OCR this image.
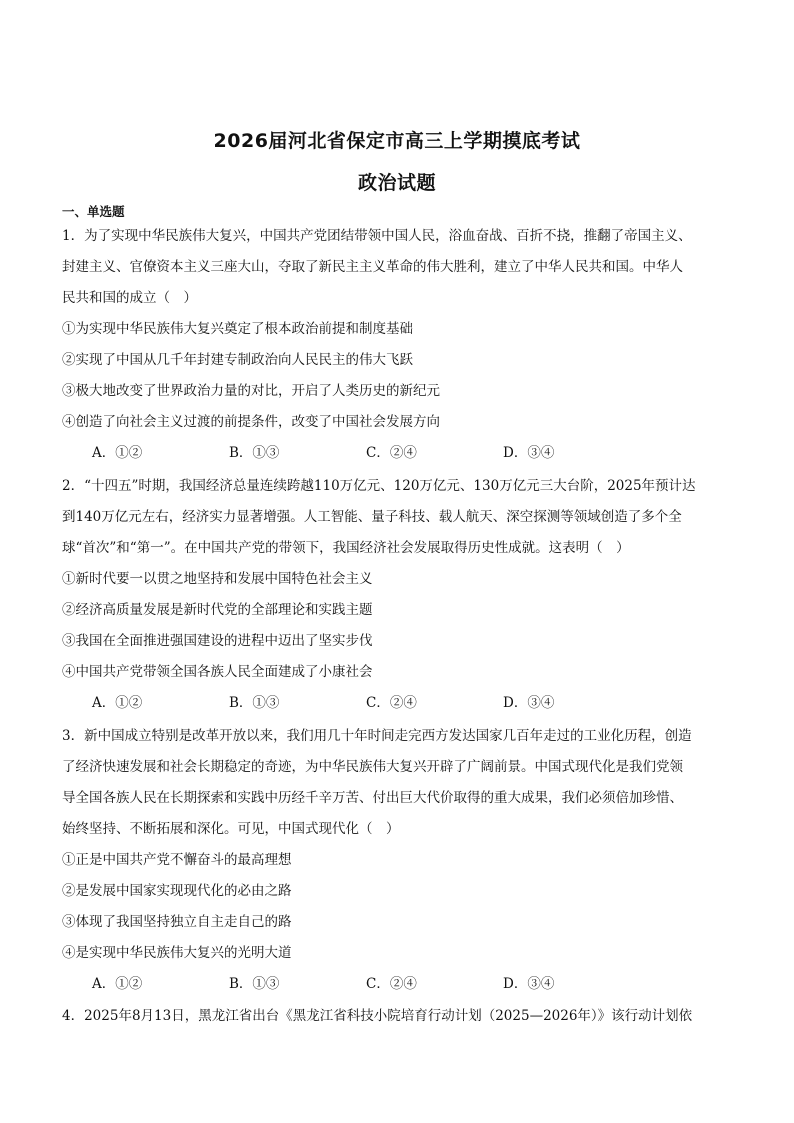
2026届河北省保定市高三上学期摸底考试
政治试题
一、单选题
1．为了实现中华民族伟大复兴，中国共产党团结带领中国人民，浴血奋战、百折不挠，推翻了帝国主义、
封建主义、官僚资本主义三座大山，夺取了新民主主义革命的伟大胜利，建立了中华人民共和国。中华人
民共和国的成立（　）
①为实现中华民族伟大复兴奠定了根本政治前提和制度基础
②实现了中国从几千年封建专制政治向人民民主的伟大飞跃
③极大地改变了世界政治力量的对比，开启了人类历史的新纪元
④创造了向社会主义过渡的前提条件，改变了中国社会发展方向
A．①②	B．①③	C．②④	D．③④
2．“十四五”时期，我国经济总量连续跨越110万亿元、120万亿元、130万亿元三大台阶，2025年预计达
到140万亿元左右，经济实力显著增强。人工智能、量子科技、载人航天、深空探测等领域创造了多个全
球“首次”和“第一”。在中国共产党的带领下，我国经济社会发展取得历史性成就。这表明（　）
①新时代要一以贯之地坚持和发展中国特色社会主义
②经济高质量发展是新时代党的全部理论和实践主题
③我国在全面推进强国建设的进程中迈出了坚实步伐
④中国共产党带领全国各族人民全面建成了小康社会
A．①②	B．①③	C．②④	D．③④
3．新中国成立特别是改革开放以来，我们用几十年时间走完西方发达国家几百年走过的工业化历程，创造
了经济快速发展和社会长期稳定的奇迹，为中华民族伟大复兴开辟了广阔前景。中国式现代化是我们党领
导全国各族人民在长期探索和实践中历经千辛万苦、付出巨大代价取得的重大成果，我们必须倍加珍惜、
始终坚持、不断拓展和深化。可见，中国式现代化（　）
①正是中国共产党不懈奋斗的最高理想
②是发展中国家实现现代化的必由之路
③体现了我国坚持独立自主走自己的路
④是实现中华民族伟大复兴的光明大道
A．①②	B．①③	C．②④	D．③④
4．2025年8月13日，黑龙江省出台《黑龙江省科技小院培育行动计划（2025—2026年）》该行动计划依
